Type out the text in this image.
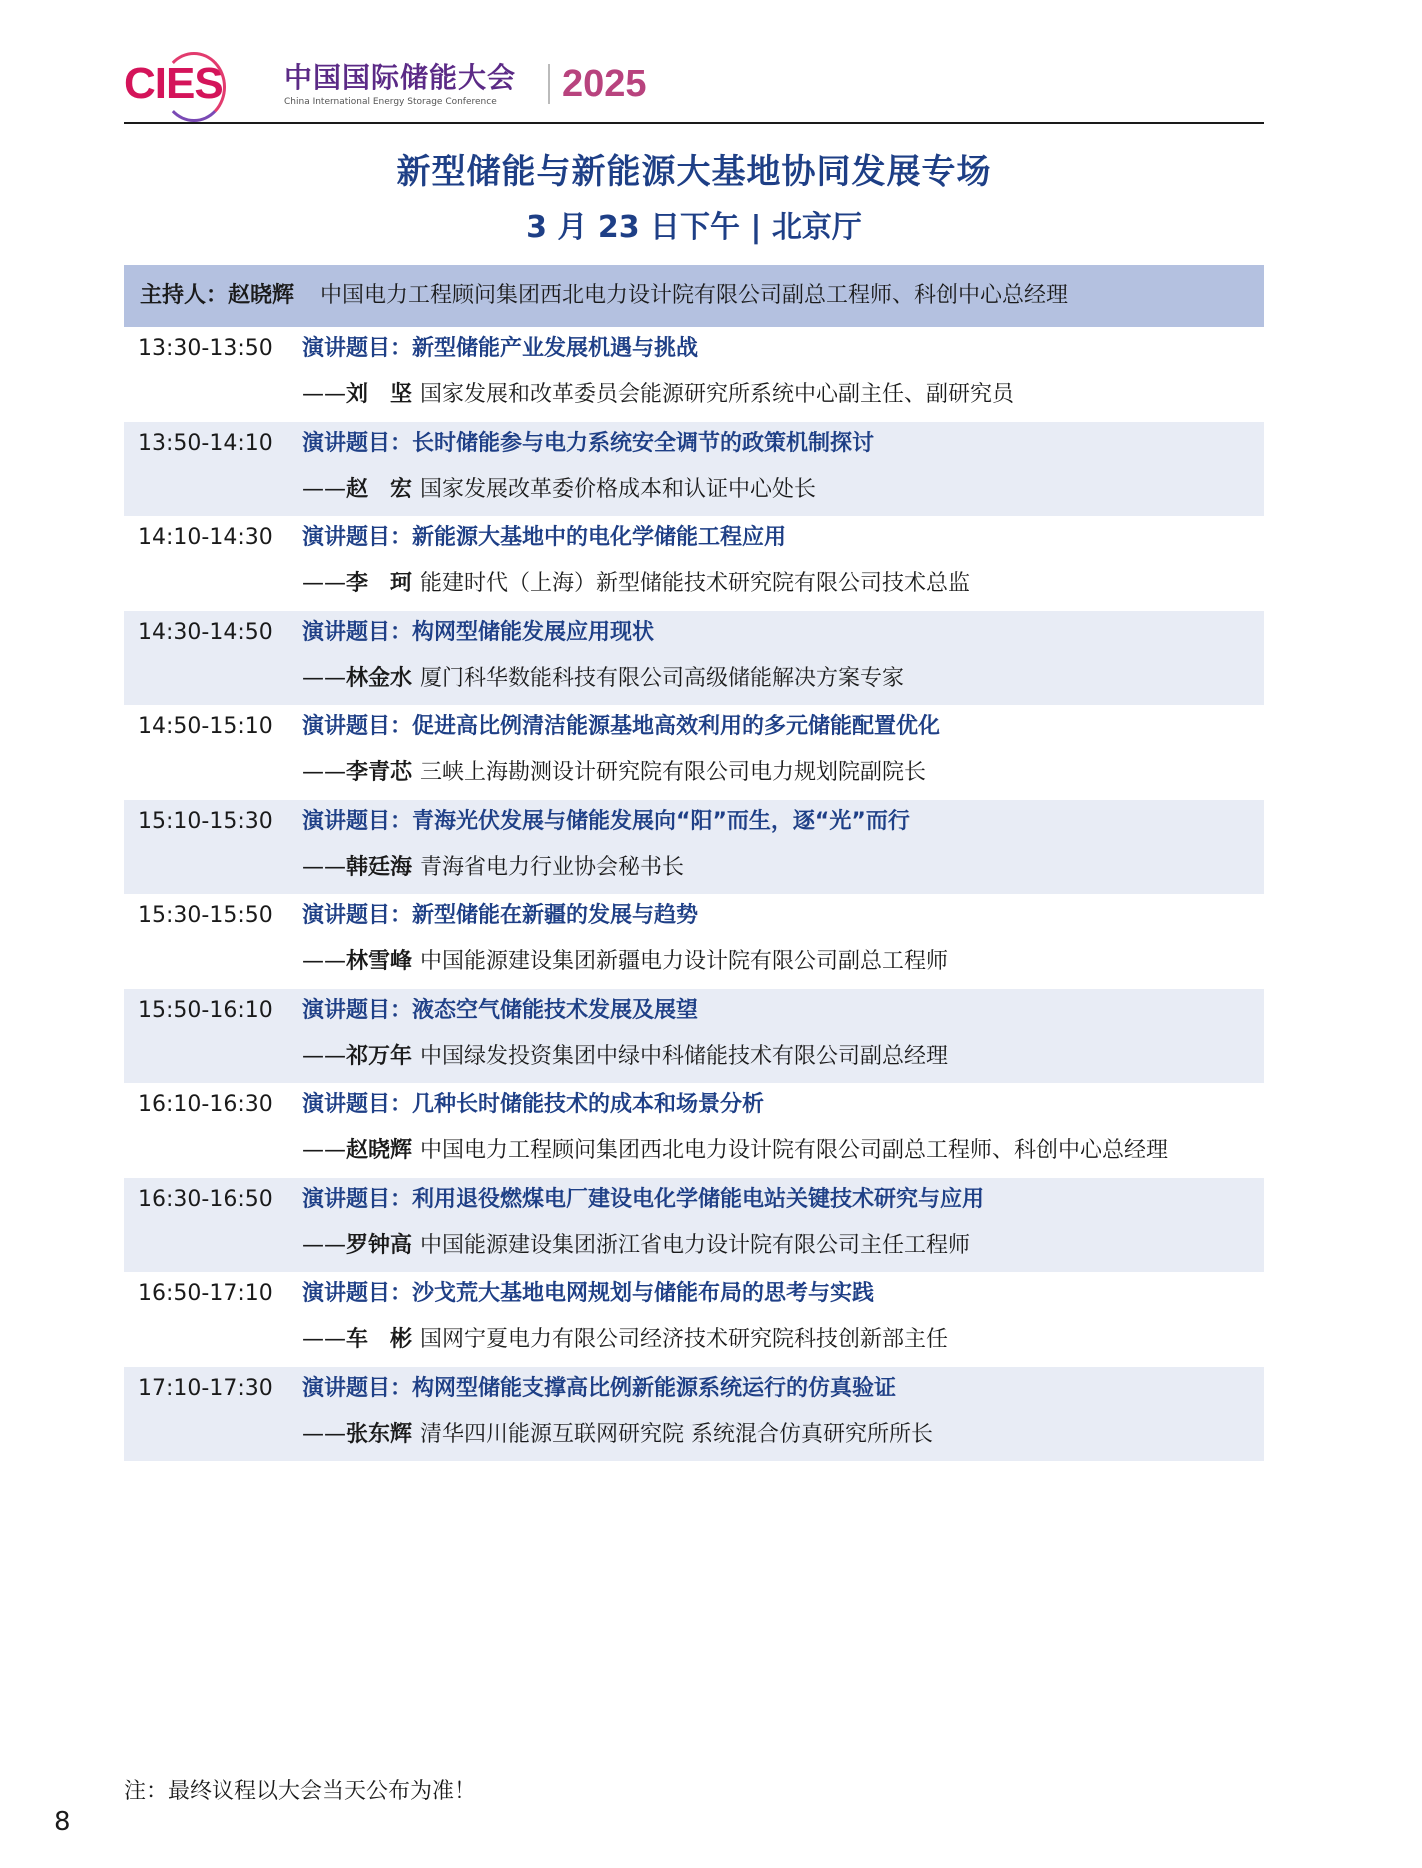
CIES 中国国际储能大会
China International Energy Storage Conference	2025
新型储能与新能源大基地协同发展专场
3 月 23 日下午 | 北京厅
主持人：赵晓辉 中国电力工程顾问集团西北电力设计院有限公司副总工程师、科创中心总经理
13:30-13:50 演讲题目：新型储能产业发展机遇与挑战
——刘　坚 国家发展和改革委员会能源研究所系统中心副主任、副研究员
13:50-14:10 演讲题目：长时储能参与电力系统安全调节的政策机制探讨
——赵　宏 国家发展改革委价格成本和认证中心处长
14:10-14:30 演讲题目：新能源大基地中的电化学储能工程应用
——李　珂 能建时代（上海）新型储能技术研究院有限公司技术总监
14:30-14:50 演讲题目：构网型储能发展应用现状
——林金水 厦门科华数能科技有限公司高级储能解决方案专家
14:50-15:10 演讲题目：促进高比例清洁能源基地高效利用的多元储能配置优化
——李青芯 三峡上海勘测设计研究院有限公司电力规划院副院长
15:10-15:30 演讲题目：青海光伏发展与储能发展向“阳”而生，逐“光”而行
——韩廷海 青海省电力行业协会秘书长
15:30-15:50 演讲题目：新型储能在新疆的发展与趋势
——林雪峰 中国能源建设集团新疆电力设计院有限公司副总工程师
15:50-16:10 演讲题目：液态空气储能技术发展及展望
——祁万年 中国绿发投资集团中绿中科储能技术有限公司副总经理
16:10-16:30 演讲题目：几种长时储能技术的成本和场景分析
——赵晓辉 中国电力工程顾问集团西北电力设计院有限公司副总工程师、科创中心总经理
16:30-16:50 演讲题目：利用退役燃煤电厂建设电化学储能电站关键技术研究与应用
——罗钟高 中国能源建设集团浙江省电力设计院有限公司主任工程师
16:50-17:10 演讲题目：沙戈荒大基地电网规划与储能布局的思考与实践
——车　彬 国网宁夏电力有限公司经济技术研究院科技创新部主任
17:10-17:30 演讲题目：构网型储能支撑高比例新能源系统运行的仿真验证
——张东辉 清华四川能源互联网研究院 系统混合仿真研究所所长
注：最终议程以大会当天公布为准！
8
